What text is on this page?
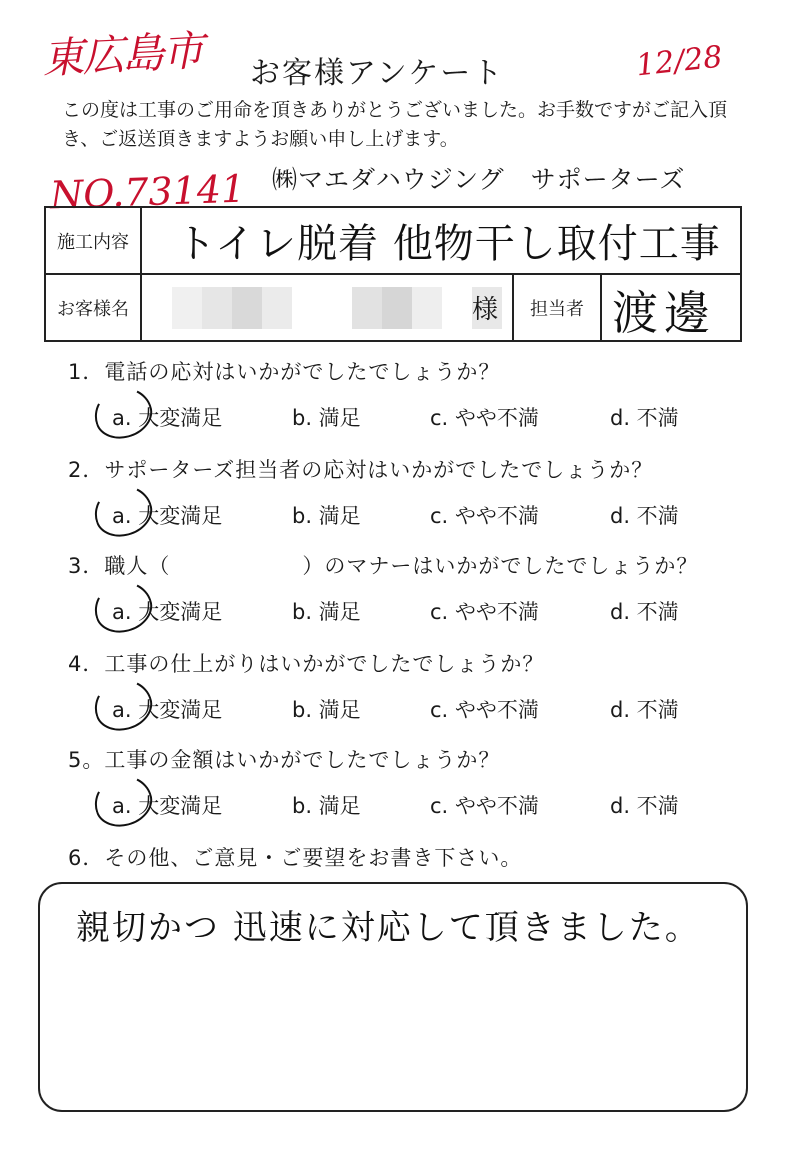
東広島市 お客様アンケート	12/28
この度は工事のご用命を頂きありがとうございました。お手数ですがご記入頂き、ご返送頂きますようお願い申し上げます。
NO.73141 ㈱マエダハウジング　サポーターズ
施工内容	トイレ脱着 他物干し取付工事
お客様名	様	担当者 渡邊
1．電話の応対はいかがでしたでしょうか？
a. 大変満足	b. 満足	c. やや不満	d. 不満
2．サポーターズ担当者の応対はいかがでしたでしょうか？
a. 大変満足	b. 満足	c. やや不満	d. 不満
3．職人（　　　　　　）のマナーはいかがでしたでしょうか？
a. 大変満足	b. 満足	c. やや不満	d. 不満
4．工事の仕上がりはいかがでしたでしょうか？
a. 大変満足	b. 満足	c. やや不満	d. 不満
5。工事の金額はいかがでしたでしょうか？
a. 大変満足	b. 満足	c. やや不満	d. 不満
6．その他、ご意見・ご要望をお書き下さい。
親切かつ 迅速に対応して頂きました。
